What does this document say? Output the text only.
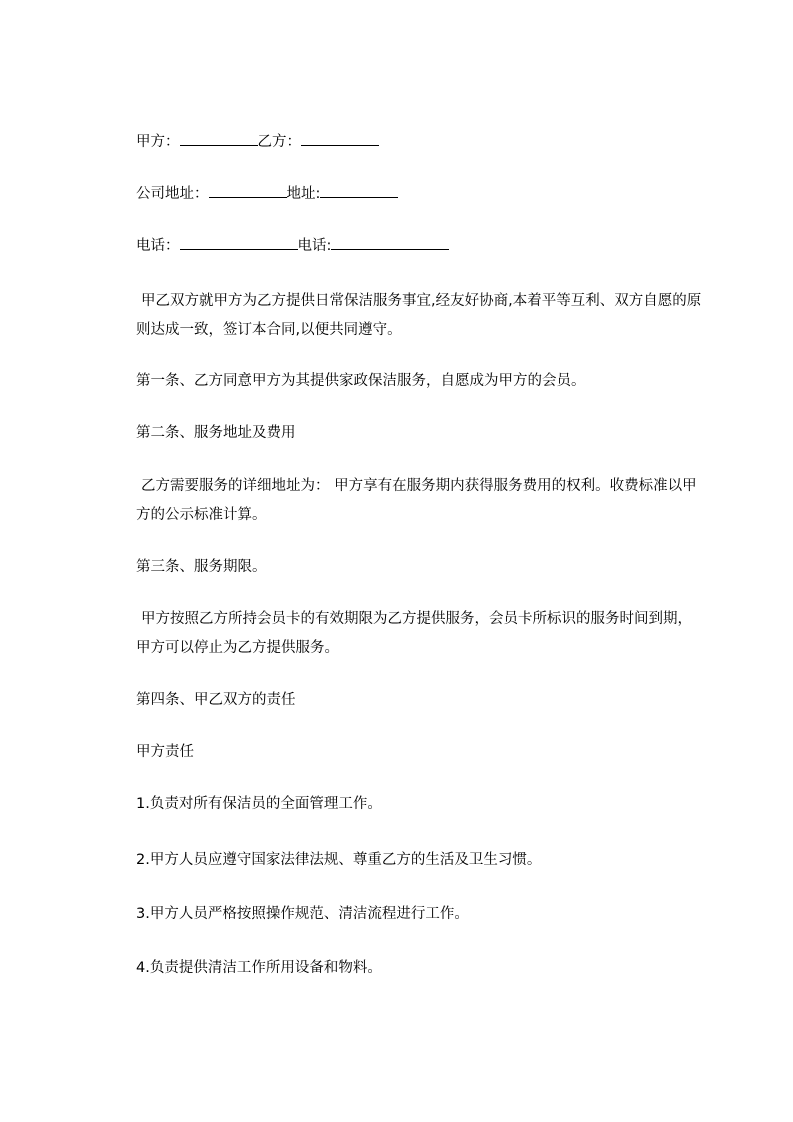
甲方：	乙方：
公司地址：	地址:
电话：	电话:
甲乙双方就甲方为乙方提供日常保洁服务事宜,经友好协商,本着平等互利、双方自愿的原则达成一致，签订本合同,以便共同遵守。
第一条、乙方同意甲方为其提供家政保洁服务，自愿成为甲方的会员。
第二条、服务地址及费用
乙方需要服务的详细地址为： 甲方享有在服务期内获得服务费用的权利。收费标准以甲方的公示标准计算。
第三条、服务期限。
甲方按照乙方所持会员卡的有效期限为乙方提供服务，会员卡所标识的服务时间到期，甲方可以停止为乙方提供服务。
第四条、甲乙双方的责任
甲方责任
1.负责对所有保洁员的全面管理工作。
2.甲方人员应遵守国家法律法规、尊重乙方的生活及卫生习惯。
3.甲方人员严格按照操作规范、清洁流程进行工作。
4.负责提供清洁工作所用设备和物料。
